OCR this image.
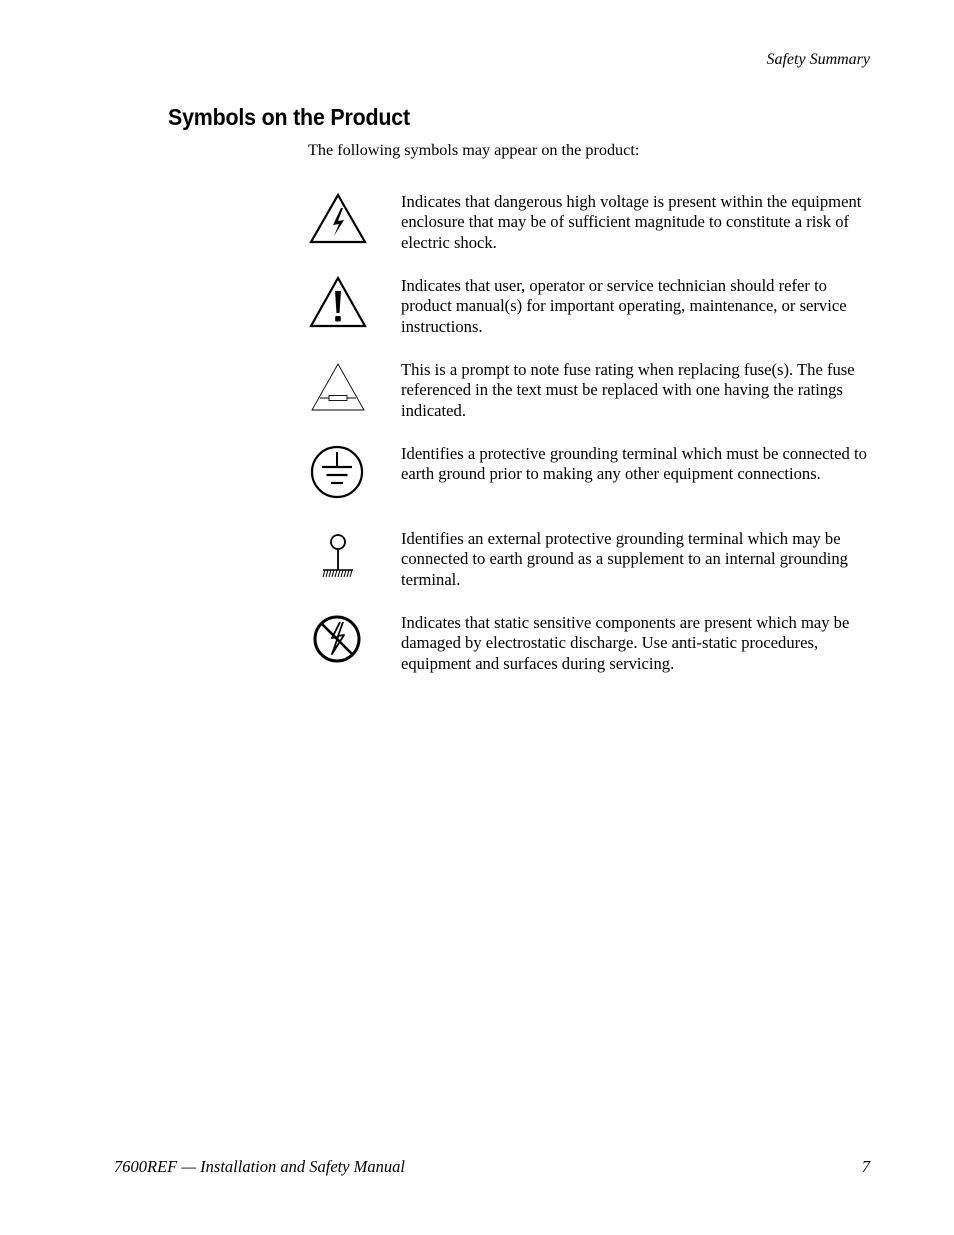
Safety Summary
Symbols on the Product
The following symbols may appear on the product:
Indicates that dangerous high voltage is present within the equipment enclosure that may be of sufficient magnitude to constitute a risk of electric shock.
Indicates that user, operator or service technician should refer to product manual(s) for important operating, maintenance, or service instructions.
This is a prompt to note fuse rating when replacing fuse(s). The fuse referenced in the text must be replaced with one having the ratings indicated.
Identifies a protective grounding terminal which must be connected to earth ground prior to making any other equipment connections.
Identifies an external protective grounding terminal which may be connected to earth ground as a supplement to an internal grounding terminal.
Indicates that static sensitive components are present which may be damaged by electrostatic discharge. Use anti-static procedures, equipment and surfaces during servicing.
7600REF — Installation and Safety Manual	7
